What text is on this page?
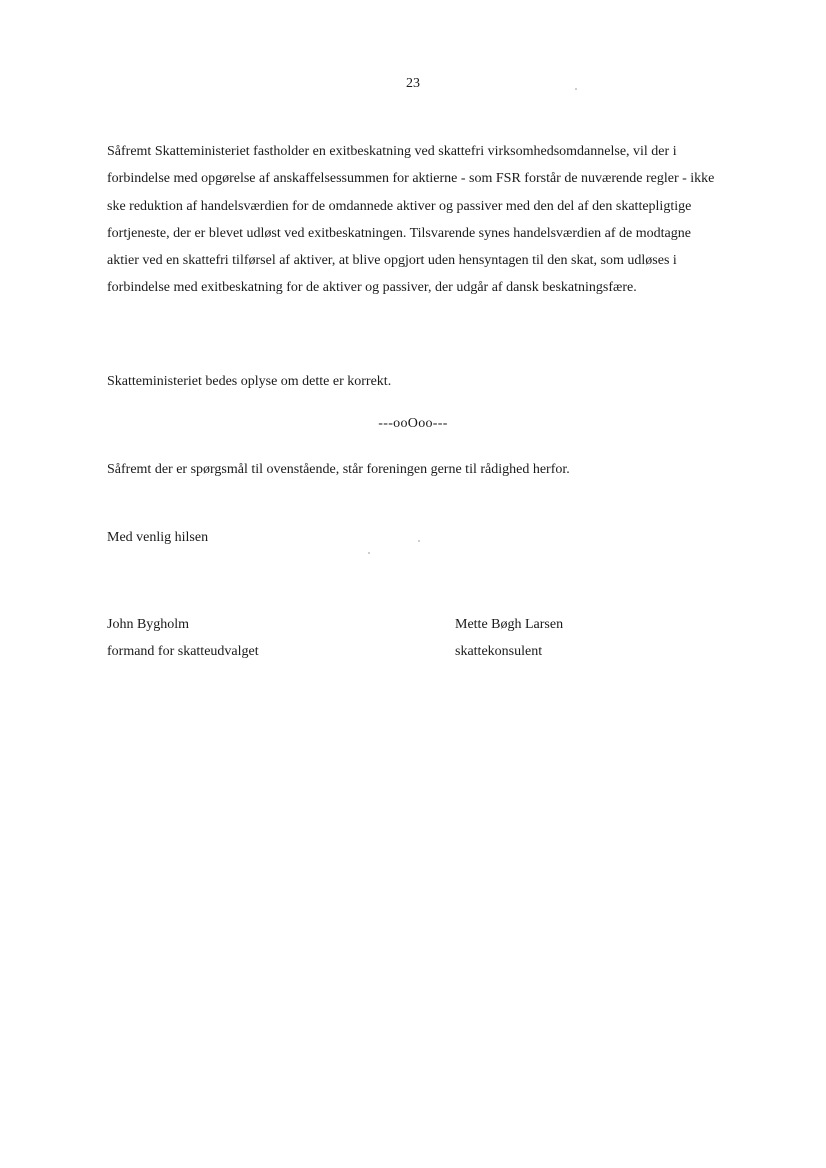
23

Såfremt Skatteministeriet fastholder en exitbeskatning ved skattefri virksomhedsomdannelse, vil der i forbindelse med opgørelse af anskaffelsessummen for aktierne - som FSR forstår de nuværende regler - ikke ske reduktion af handelsværdien for de omdannede aktiver og passiver med den del af den skattepligtige fortjeneste, der er blevet udløst ved exitbeskatningen. Tilsvarende synes handelsværdien af de modtagne aktier ved en skattefri tilførsel af aktiver, at blive opgjort uden hensyntagen til den skat, som udløses i forbindelse med exitbeskatning for de aktiver og passiver, der udgår af dansk beskatningsfære.

Skatteministeriet bedes oplyse om dette er korrekt.

---ooOoo---

Såfremt der er spørgsmål til ovenstående, står foreningen gerne til rådighed herfor.

Med venlig hilsen
John Bygholm
formand for skatteudvalget
Mette Bøgh Larsen
skattekonsulent
